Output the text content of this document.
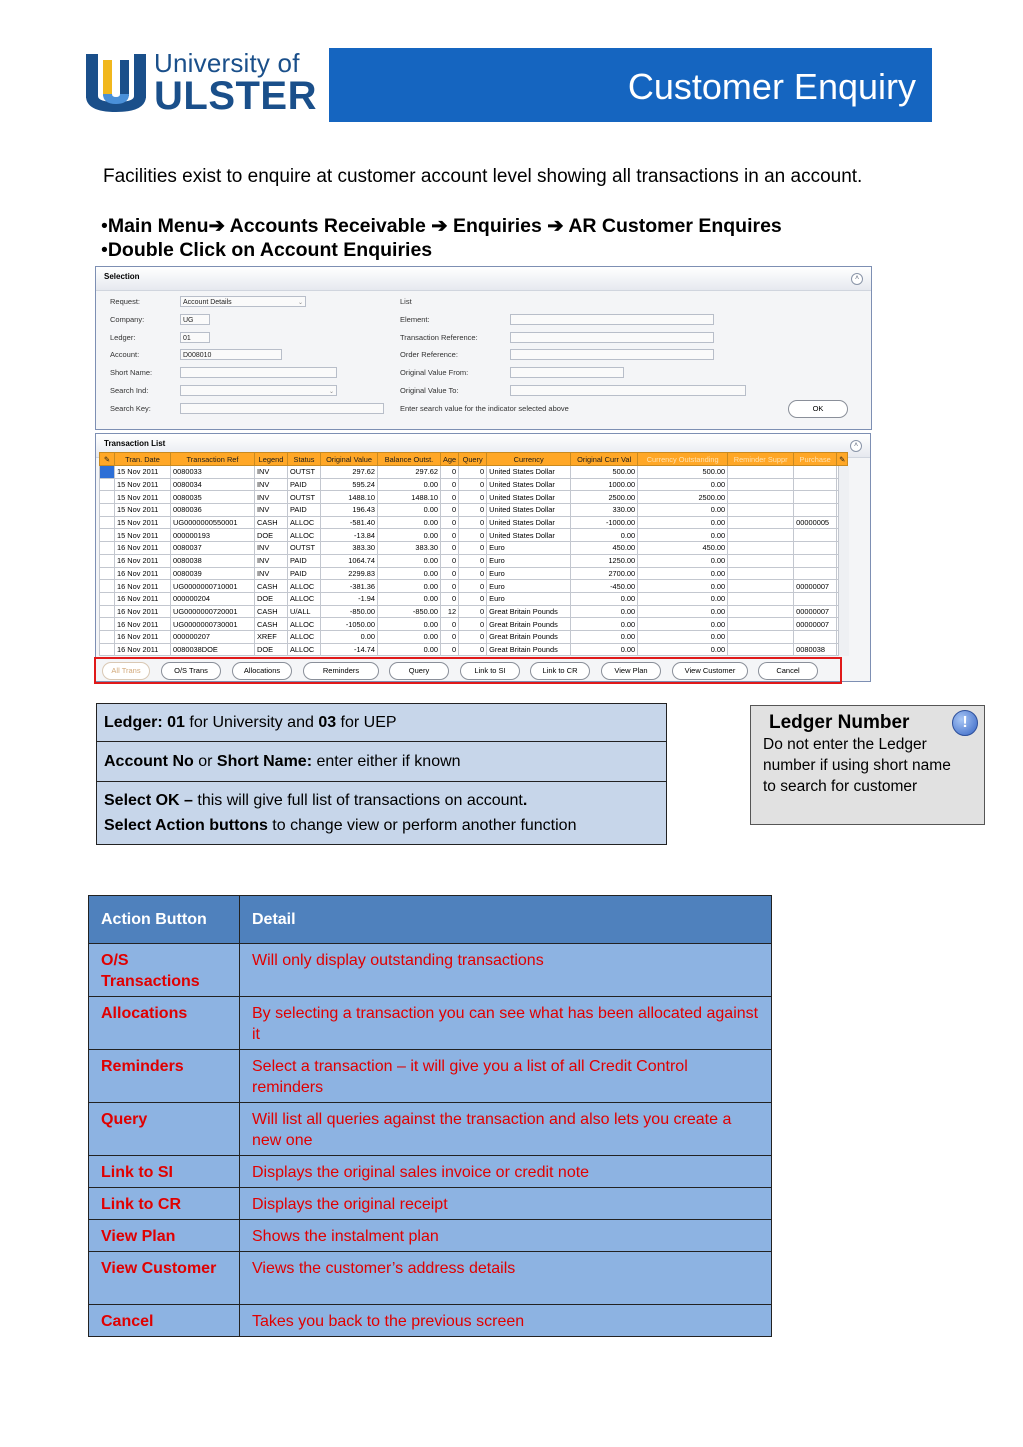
University of
ULSTER	Customer Enquiry
Facilities exist to enquire at customer account level showing all transactions in an account.
•Main Menu➔ Accounts Receivable ➔ Enquiries ➔ AR Customer Enquires
•Double Click on Account Enquiries
Selection	˄
Request:	Account Details	⌄
Company:	UG
Ledger:	01
Account:	D008010
Short Name:
Search Ind:	⌄
Search Key:
List
Element:
Transaction Reference:
Order Reference:
Original Value From:
Original Value To:
Enter search value for the indicator selected above	OK
Transaction List	˄
✎	Tran. Date	Transaction Ref	Legend	Status	Original Value	Balance Outst.	Age	Query	Currency	Original Curr Val	Currency Outstanding	Reminder Suppr	Purchase	✎
	15 Nov 2011	0080033	INV	OUTST	297.62	297.62	0	0	United States Dollar	500.00	500.00			
	15 Nov 2011	0080034	INV	PAID	595.24	0.00	0	0	United States Dollar	1000.00	0.00			
	15 Nov 2011	0080035	INV	OUTST	1488.10	1488.10	0	0	United States Dollar	2500.00	2500.00			
	15 Nov 2011	0080036	INV	PAID	196.43	0.00	0	0	United States Dollar	330.00	0.00			
	15 Nov 2011	UG0000000550001	CASH	ALLOC	-581.40	0.00	0	0	United States Dollar	-1000.00	0.00		00000005	
	15 Nov 2011	000000193	DOE	ALLOC	-13.84	0.00	0	0	United States Dollar	0.00	0.00			
	16 Nov 2011	0080037	INV	OUTST	383.30	383.30	0	0	Euro	450.00	450.00			
	16 Nov 2011	0080038	INV	PAID	1064.74	0.00	0	0	Euro	1250.00	0.00			
	16 Nov 2011	0080039	INV	PAID	2299.83	0.00	0	0	Euro	2700.00	0.00			
	16 Nov 2011	UG0000000710001	CASH	ALLOC	-381.36	0.00	0	0	Euro	-450.00	0.00		00000007	
	16 Nov 2011	000000204	DOE	ALLOC	-1.94	0.00	0	0	Euro	0.00	0.00			
	16 Nov 2011	UG0000000720001	CASH	U/ALL	-850.00	-850.00	12	0	Great Britain Pounds	0.00	0.00		00000007	
	16 Nov 2011	UG0000000730001	CASH	ALLOC	-1050.00	0.00	0	0	Great Britain Pounds	0.00	0.00		00000007	
	16 Nov 2011	000000207	XREF	ALLOC	0.00	0.00	0	0	Great Britain Pounds	0.00	0.00			
	16 Nov 2011	0080038DOE	DOE	ALLOC	-14.74	0.00	0	0	Great Britain Pounds	0.00	0.00		0080038	
All Trans	O/S Trans	Allocations	Reminders	Query	Link to SI	Link to CR	View Plan	View Customer	Cancel
Ledger: 01 for University and 03 for UEP
Account No or Short Name: enter either if known
Select OK – this will give full list of transactions on account.
Select Action buttons to change view or perform another function
!
Ledger Number
Do not enter the Ledger number if using short name to search for customer
Action Button	Detail
O/S Transactions	Will only display outstanding transactions
Allocations	By selecting a transaction you can see what has been allocated against it
Reminders	Select a transaction – it will give you a list of all Credit Control reminders
Query	Will list all queries against the transaction and also lets you create a new one
Link to SI	Displays the original sales invoice or credit note
Link to CR	Displays the original receipt
View Plan	Shows the instalment plan
View Customer	Views the customer’s address details
Cancel	Takes you back to the previous screen
